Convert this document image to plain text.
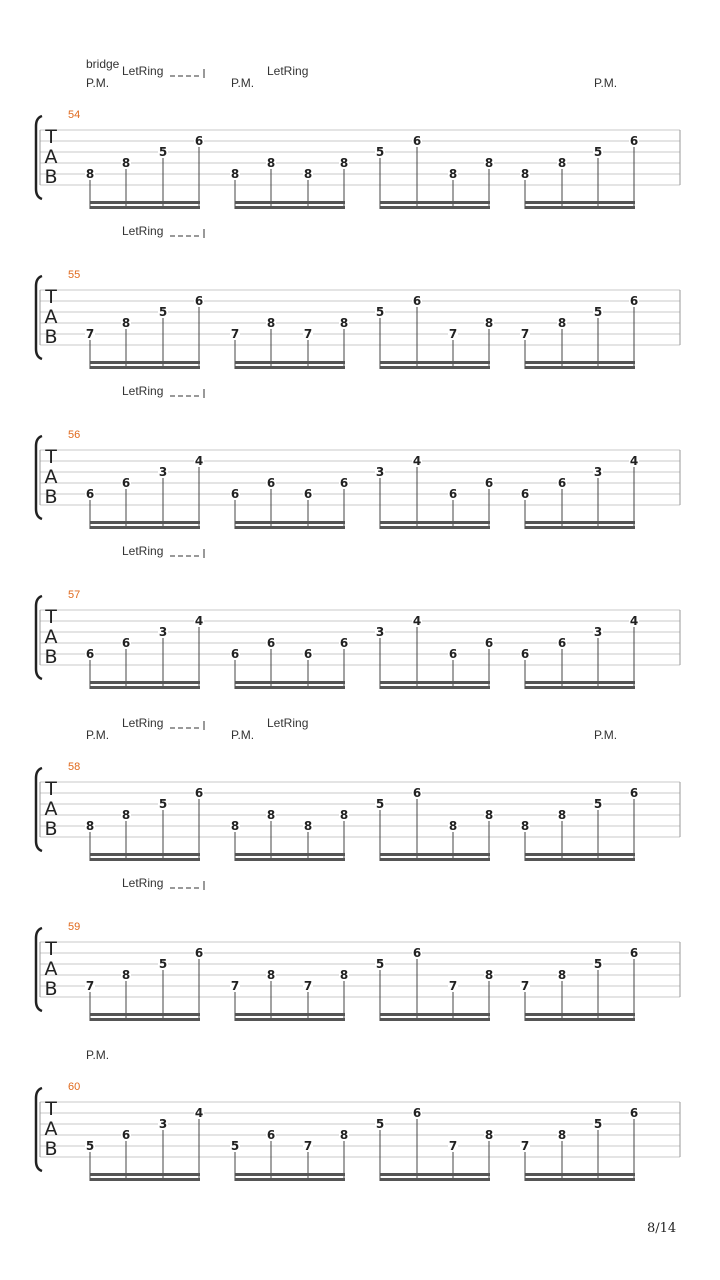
bridge
T
A
B
54
P.M.	P.M.	P.M.
LetRing	LetRing
8
8
5
6
8
8
8
8
5
6
8
8
8
8
5
6
T
A
B
55
LetRing
7
8
5
6
7
8
7
8
5
6
7
8
7
8
5
6
T
A
B
56
LetRing
6
6
3
4
6
6
6
6
3
4
6
6
6
6
3
4
T
A
B
57
LetRing
6
6
3
4
6
6
6
6
3
4
6
6
6
6
3
4
T
A
B
58
P.M.	P.M.	P.M.
LetRing	LetRing
8
8
5
6
8
8
8
8
5
6
8
8
8
8
5
6
T
A
B
59
LetRing
7
8
5
6
7
8
7
8
5
6
7
8
7
8
5
6
T
A
B
60
P.M.
5
6
3
4
5
6
7
8
5
6
7
8
7
8
5
6
8/14
